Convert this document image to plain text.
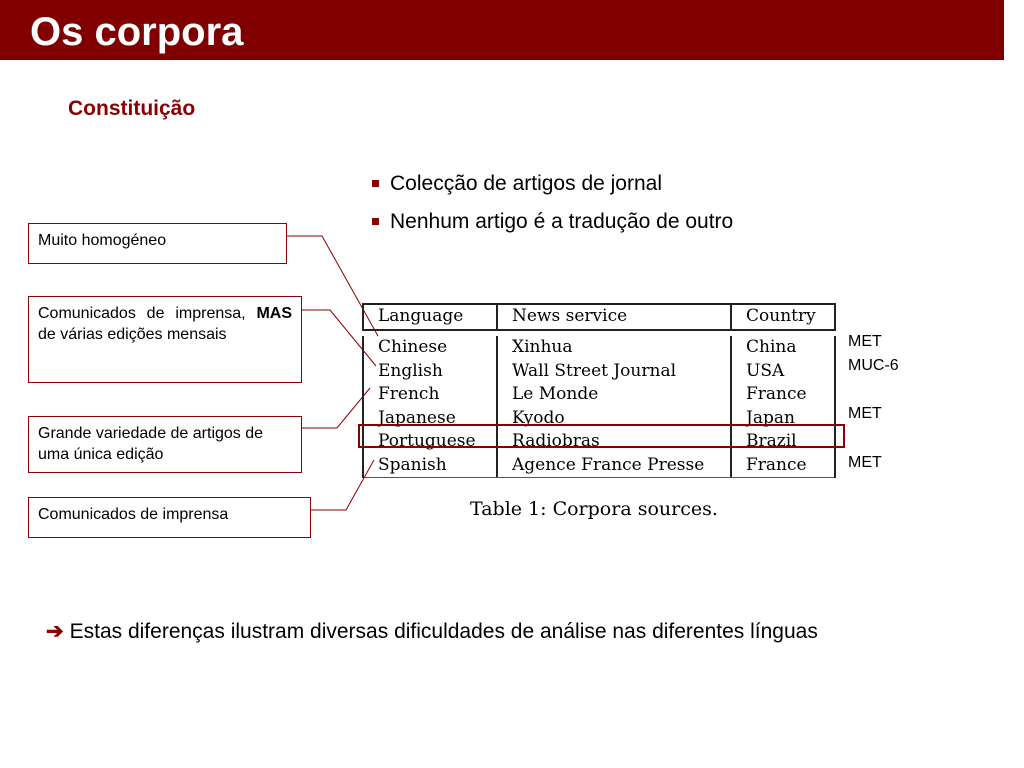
Os corpora
Constituição
Colecção de artigos de jornal
Nenhum artigo é a tradução de outro
Muito homogéneo
Comunicados de imprensa, MAS de várias edições mensais
Grande variedade de artigos de uma única edição
Comunicados de imprensa
Language	News service	Country
Chinese	Xinhua	China
English	Wall Street Journal	USA
French	Le Monde	France
Japanese	Kyodo	Japan
Portuguese	Radiobras	Brazil
Spanish	Agence France Presse	France
Table 1: Corpora sources.
MET
MUC-6
MET
MET
➔ Estas diferenças ilustram diversas dificuldades de análise nas diferentes línguas
